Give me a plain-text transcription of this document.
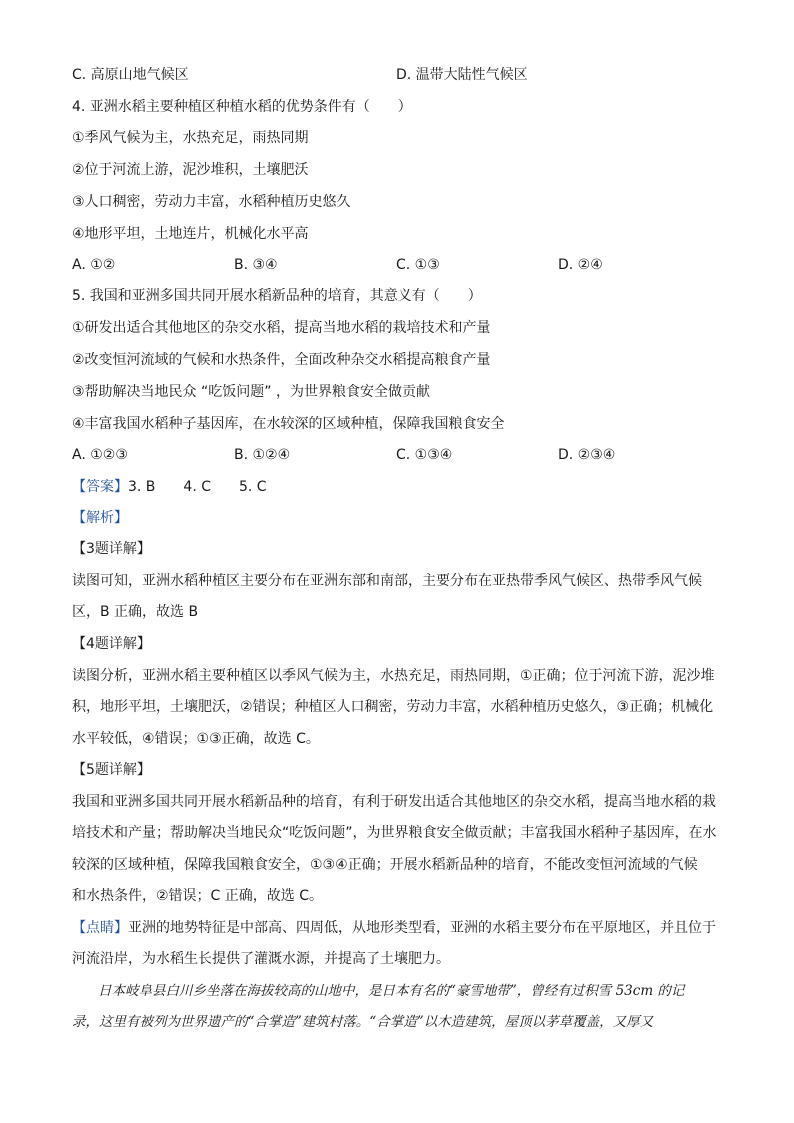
C. 高原山地气候区	D. 温带大陆性气候区
4. 亚洲水稻主要种植区种植水稻的优势条件有（　　）
①季风气候为主，水热充足，雨热同期
②位于河流上游，泥沙堆积，土壤肥沃
③人口稠密，劳动力丰富，水稻种植历史悠久
④地形平坦，土地连片，机械化水平高
A. ①②	B. ③④	C. ①③	D. ②④
5. 我国和亚洲多国共同开展水稻新品种的培育，其意义有（　　）
①研发出适合其他地区的杂交水稻，提高当地水稻的栽培技术和产量
②改变恒河流域的气候和水热条件，全面改种杂交水稻提高粮食产量
③帮助解决当地民众 “吃饭问题” ，为世界粮食安全做贡献
④丰富我国水稻种子基因库，在水较深的区域种植，保障我国粮食安全
A. ①②③	B. ①②④	C. ①③④	D. ②③④
【答案】3. B　　4. C　　5. C
【解析】
【3题详解】
读图可知，亚洲水稻种植区主要分布在亚洲东部和南部，主要分布在亚热带季风气候区、热带季风气候
区，B 正确，故选 B
【4题详解】
读图分析，亚洲水稻主要种植区以季风气候为主，水热充足，雨热同期，①正确；位于河流下游，泥沙堆
积，地形平坦，土壤肥沃，②错误；种植区人口稠密，劳动力丰富，水稻种植历史悠久，③正确；机械化
水平较低，④错误；①③正确，故选 C。
【5题详解】
我国和亚洲多国共同开展水稻新品种的培育，有利于研发出适合其他地区的杂交水稻，提高当地水稻的栽
培技术和产量；帮助解决当地民众“吃饭问题”，为世界粮食安全做贡献；丰富我国水稻种子基因库，在水
较深的区域种植，保障我国粮食安全，①③④正确；开展水稻新品种的培育，不能改变恒河流域的气候
和水热条件，②错误；C 正确，故选 C。
【点睛】亚洲的地势特征是中部高、四周低，从地形类型看，亚洲的水稻主要分布在平原地区，并且位于
河流沿岸，为水稻生长提供了灌溉水源，并提高了土壤肥力。
日本岐阜县白川乡坐落在海拔较高的山地中，是日本有名的“豪雪地带”，曾经有过积雪 53cm 的记
录，这里有被列为世界遗产的“合掌造”建筑村落。“合掌造”以木造建筑，屋顶以茅草覆盖，又厚又
